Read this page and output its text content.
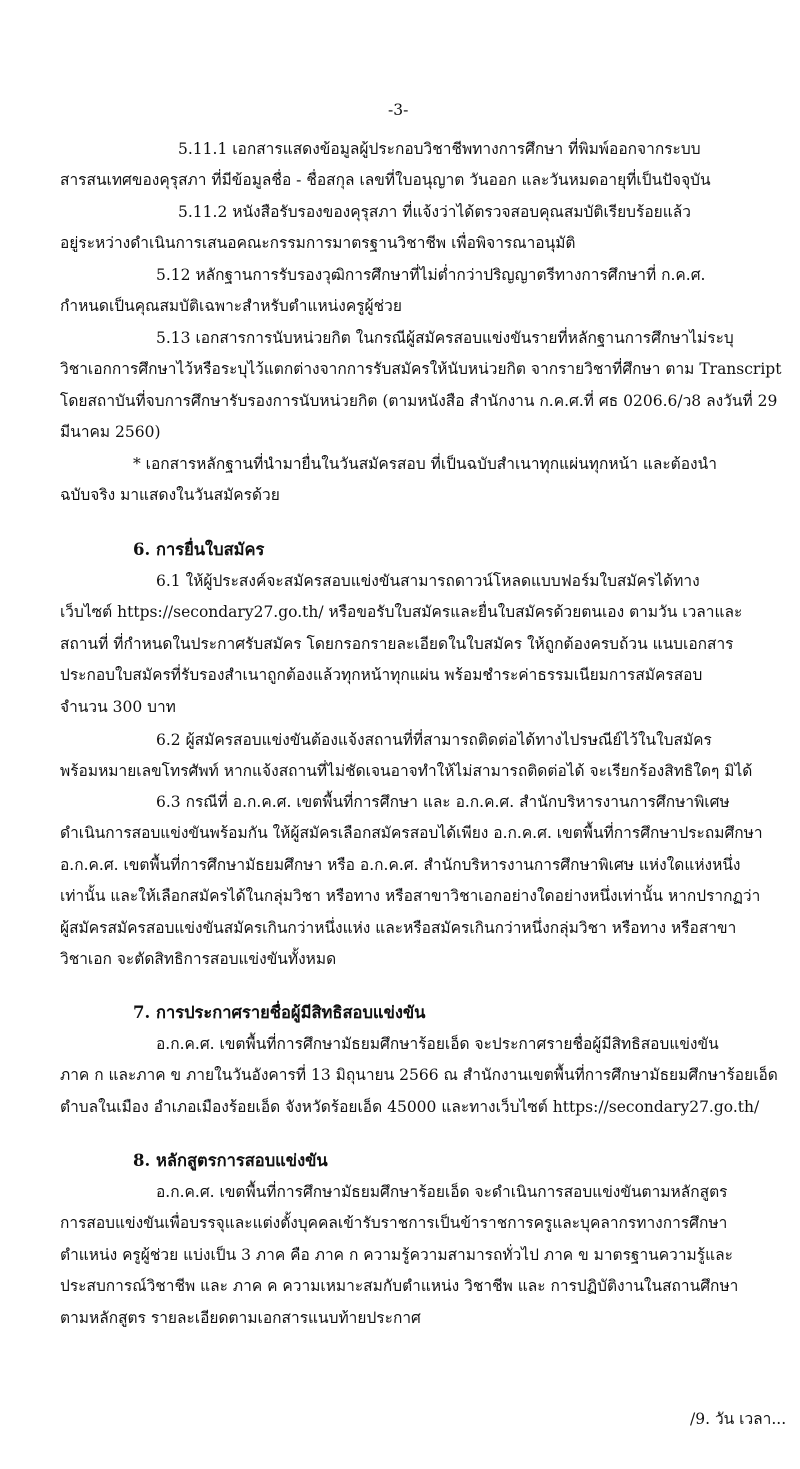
-3-
5.11.1 เอกสารแสดงข้อมูลผู้ประกอบวิชาชีพทางการศึกษา ที่พิมพ์ออกจากระบบ
สารสนเทศของคุรุสภา ที่มีข้อมูลชื่อ - ชื่อสกุล เลขที่ใบอนุญาต วันออก และวันหมดอายุที่เป็นปัจจุบัน
5.11.2 หนังสือรับรองของคุรุสภา ที่แจ้งว่าได้ตรวจสอบคุณสมบัติเรียบร้อยแล้ว
อยู่ระหว่างดำเนินการเสนอคณะกรรมการมาตรฐานวิชาชีพ เพื่อพิจารณาอนุมัติ
5.12 หลักฐานการรับรองวุฒิการศึกษาที่ไม่ต่ำกว่าปริญญาตรีทางการศึกษาที่ ก.ค.ศ.
กำหนดเป็นคุณสมบัติเฉพาะสำหรับตำแหน่งครูผู้ช่วย
5.13 เอกสารการนับหน่วยกิต ในกรณีผู้สมัครสอบแข่งขันรายที่หลักฐานการศึกษาไม่ระบุ
วิชาเอกการศึกษาไว้หรือระบุไว้แตกต่างจากการรับสมัครให้นับหน่วยกิต จากรายวิชาที่ศึกษา ตาม Transcript
โดยสถาบันที่จบการศึกษารับรองการนับหน่วยกิต (ตามหนังสือ สำนักงาน ก.ค.ศ.ที่ ศธ 0206.6/ว8 ลงวันที่ 29
มีนาคม 2560)
* เอกสารหลักฐานที่นำมายื่นในวันสมัครสอบ ที่เป็นฉบับสำเนาทุกแผ่นทุกหน้า และต้องนำ
ฉบับจริง มาแสดงในวันสมัครด้วย
6. การยื่นใบสมัคร
6.1 ให้ผู้ประสงค์จะสมัครสอบแข่งขันสามารถดาวน์โหลดแบบฟอร์มใบสมัครได้ทาง
เว็บไซต์ https://secondary27.go.th/ หรือขอรับใบสมัครและยื่นใบสมัครด้วยตนเอง ตามวัน เวลาและ
สถานที่ ที่กำหนดในประกาศรับสมัคร โดยกรอกรายละเอียดในใบสมัคร ให้ถูกต้องครบถ้วน แนบเอกสาร
ประกอบใบสมัครที่รับรองสำเนาถูกต้องแล้วทุกหน้าทุกแผ่น พร้อมชำระค่าธรรมเนียมการสมัครสอบ
จำนวน 300 บาท
6.2 ผู้สมัครสอบแข่งขันต้องแจ้งสถานที่ที่สามารถติดต่อได้ทางไปรษณีย์ไว้ในใบสมัคร
พร้อมหมายเลขโทรศัพท์ หากแจ้งสถานที่ไม่ชัดเจนอาจทำให้ไม่สามารถติดต่อได้ จะเรียกร้องสิทธิใดๆ มิได้
6.3 กรณีที่ อ.ก.ค.ศ. เขตพื้นที่การศึกษา และ อ.ก.ค.ศ. สำนักบริหารงานการศึกษาพิเศษ
ดำเนินการสอบแข่งขันพร้อมกัน ให้ผู้สมัครเลือกสมัครสอบได้เพียง อ.ก.ค.ศ. เขตพื้นที่การศึกษาประถมศึกษา
อ.ก.ค.ศ. เขตพื้นที่การศึกษามัธยมศึกษา หรือ อ.ก.ค.ศ. สำนักบริหารงานการศึกษาพิเศษ แห่งใดแห่งหนึ่ง
เท่านั้น และให้เลือกสมัครได้ในกลุ่มวิชา หรือทาง หรือสาขาวิชาเอกอย่างใดอย่างหนึ่งเท่านั้น หากปรากฏว่า
ผู้สมัครสมัครสอบแข่งขันสมัครเกินกว่าหนึ่งแห่ง และหรือสมัครเกินกว่าหนึ่งกลุ่มวิชา หรือทาง หรือสาขา
วิชาเอก จะตัดสิทธิการสอบแข่งขันทั้งหมด
7. การประกาศรายชื่อผู้มีสิทธิสอบแข่งขัน
อ.ก.ค.ศ. เขตพื้นที่การศึกษามัธยมศึกษาร้อยเอ็ด จะประกาศรายชื่อผู้มีสิทธิสอบแข่งขัน
ภาค ก และภาค ข ภายในวันอังคารที่ 13 มิถุนายน 2566 ณ สำนักงานเขตพื้นที่การศึกษามัธยมศึกษาร้อยเอ็ด
ตำบลในเมือง อำเภอเมืองร้อยเอ็ด จังหวัดร้อยเอ็ด 45000 และทางเว็บไซต์ https://secondary27.go.th/
8. หลักสูตรการสอบแข่งขัน
อ.ก.ค.ศ. เขตพื้นที่การศึกษามัธยมศึกษาร้อยเอ็ด จะดำเนินการสอบแข่งขันตามหลักสูตร
การสอบแข่งขันเพื่อบรรจุและแต่งตั้งบุคคลเข้ารับราชการเป็นข้าราชการครูและบุคลากรทางการศึกษา
ตำแหน่ง ครูผู้ช่วย แบ่งเป็น 3 ภาค คือ ภาค ก ความรู้ความสามารถทั่วไป ภาค ข มาตรฐานความรู้และ
ประสบการณ์วิชาชีพ และ ภาค ค ความเหมาะสมกับตำแหน่ง วิชาชีพ และ การปฏิบัติงานในสถานศึกษา
ตามหลักสูตร รายละเอียดตามเอกสารแนบท้ายประกาศ
/9. วัน เวลา...
